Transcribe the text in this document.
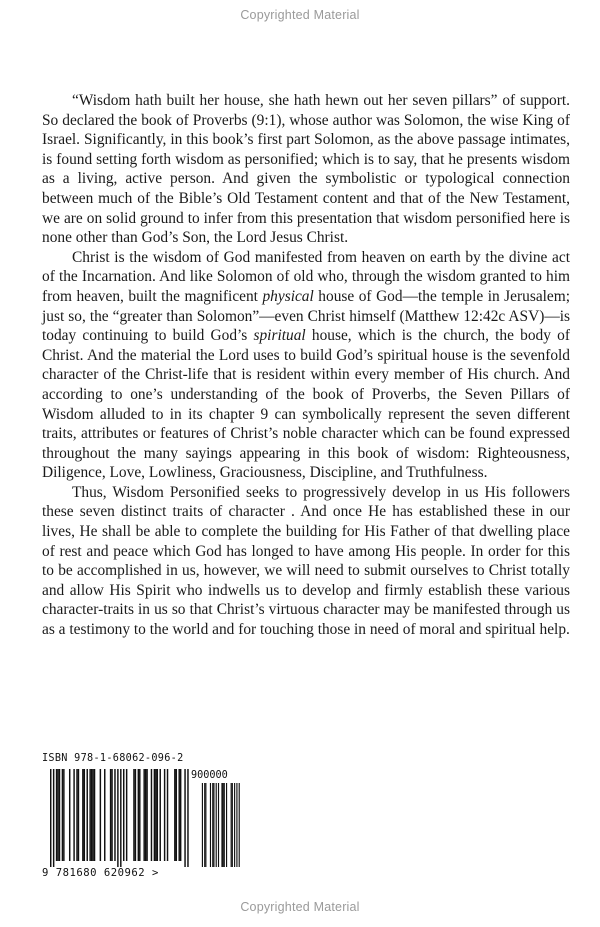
Copyrighted Material

“Wisdom hath built her house, she hath hewn out her seven pillars” of support. So declared the book of Proverbs (9:1), whose author was Solomon, the wise King of Israel. Significantly, in this book’s first part Solomon, as the above passage intimates, is found setting forth wisdom as personified; which is to say, that he presents wisdom as a living, active person. And given the symbolistic or typological connection between much of the Bible’s Old Testament content and that of the New Testament, we are on solid ground to infer from this presentation that wisdom personified here is none other than God’s Son, the Lord Jesus Christ.

Christ is the wisdom of God manifested from heaven on earth by the divine act of the Incarnation. And like Solomon of old who, through the wisdom granted to him from heaven, built the magnificent physical house of God—the temple in Jerusalem; just so, the “greater than Solomon”—even Christ himself (Matthew 12:42c ASV)—is today continuing to build God’s spiritual house, which is the church, the body of Christ. And the material the Lord uses to build God’s spiritual house is the sevenfold character of the Christ-life that is resident within every member of His church. And according to one’s understanding of the book of Proverbs, the Seven Pillars of Wisdom alluded to in its chapter 9 can symbolically represent the seven different traits, attributes or features of Christ’s noble character which can be found expressed throughout the many sayings appearing in this book of wisdom: Righteousness, Diligence, Love, Lowliness, Graciousness, Discipline, and Truthfulness.

Thus, Wisdom Personified seeks to progressively develop in us His followers these seven distinct traits of character . And once He has established these in our lives, He shall be able to complete the building for His Father of that dwelling place of rest and peace which God has longed to have among His people. In order for this to be accomplished in us, however, we will need to submit ourselves to Christ totally and allow His Spirit who indwells us to develop and firmly establish these various character-traits in us so that Christ’s virtuous character may be manifested through us as a testimony to the world and for touching those in need of moral and spiritual help.

ISBN 978-1-68062-096-2
900000
9 781680 620962 >
Copyrighted Material
